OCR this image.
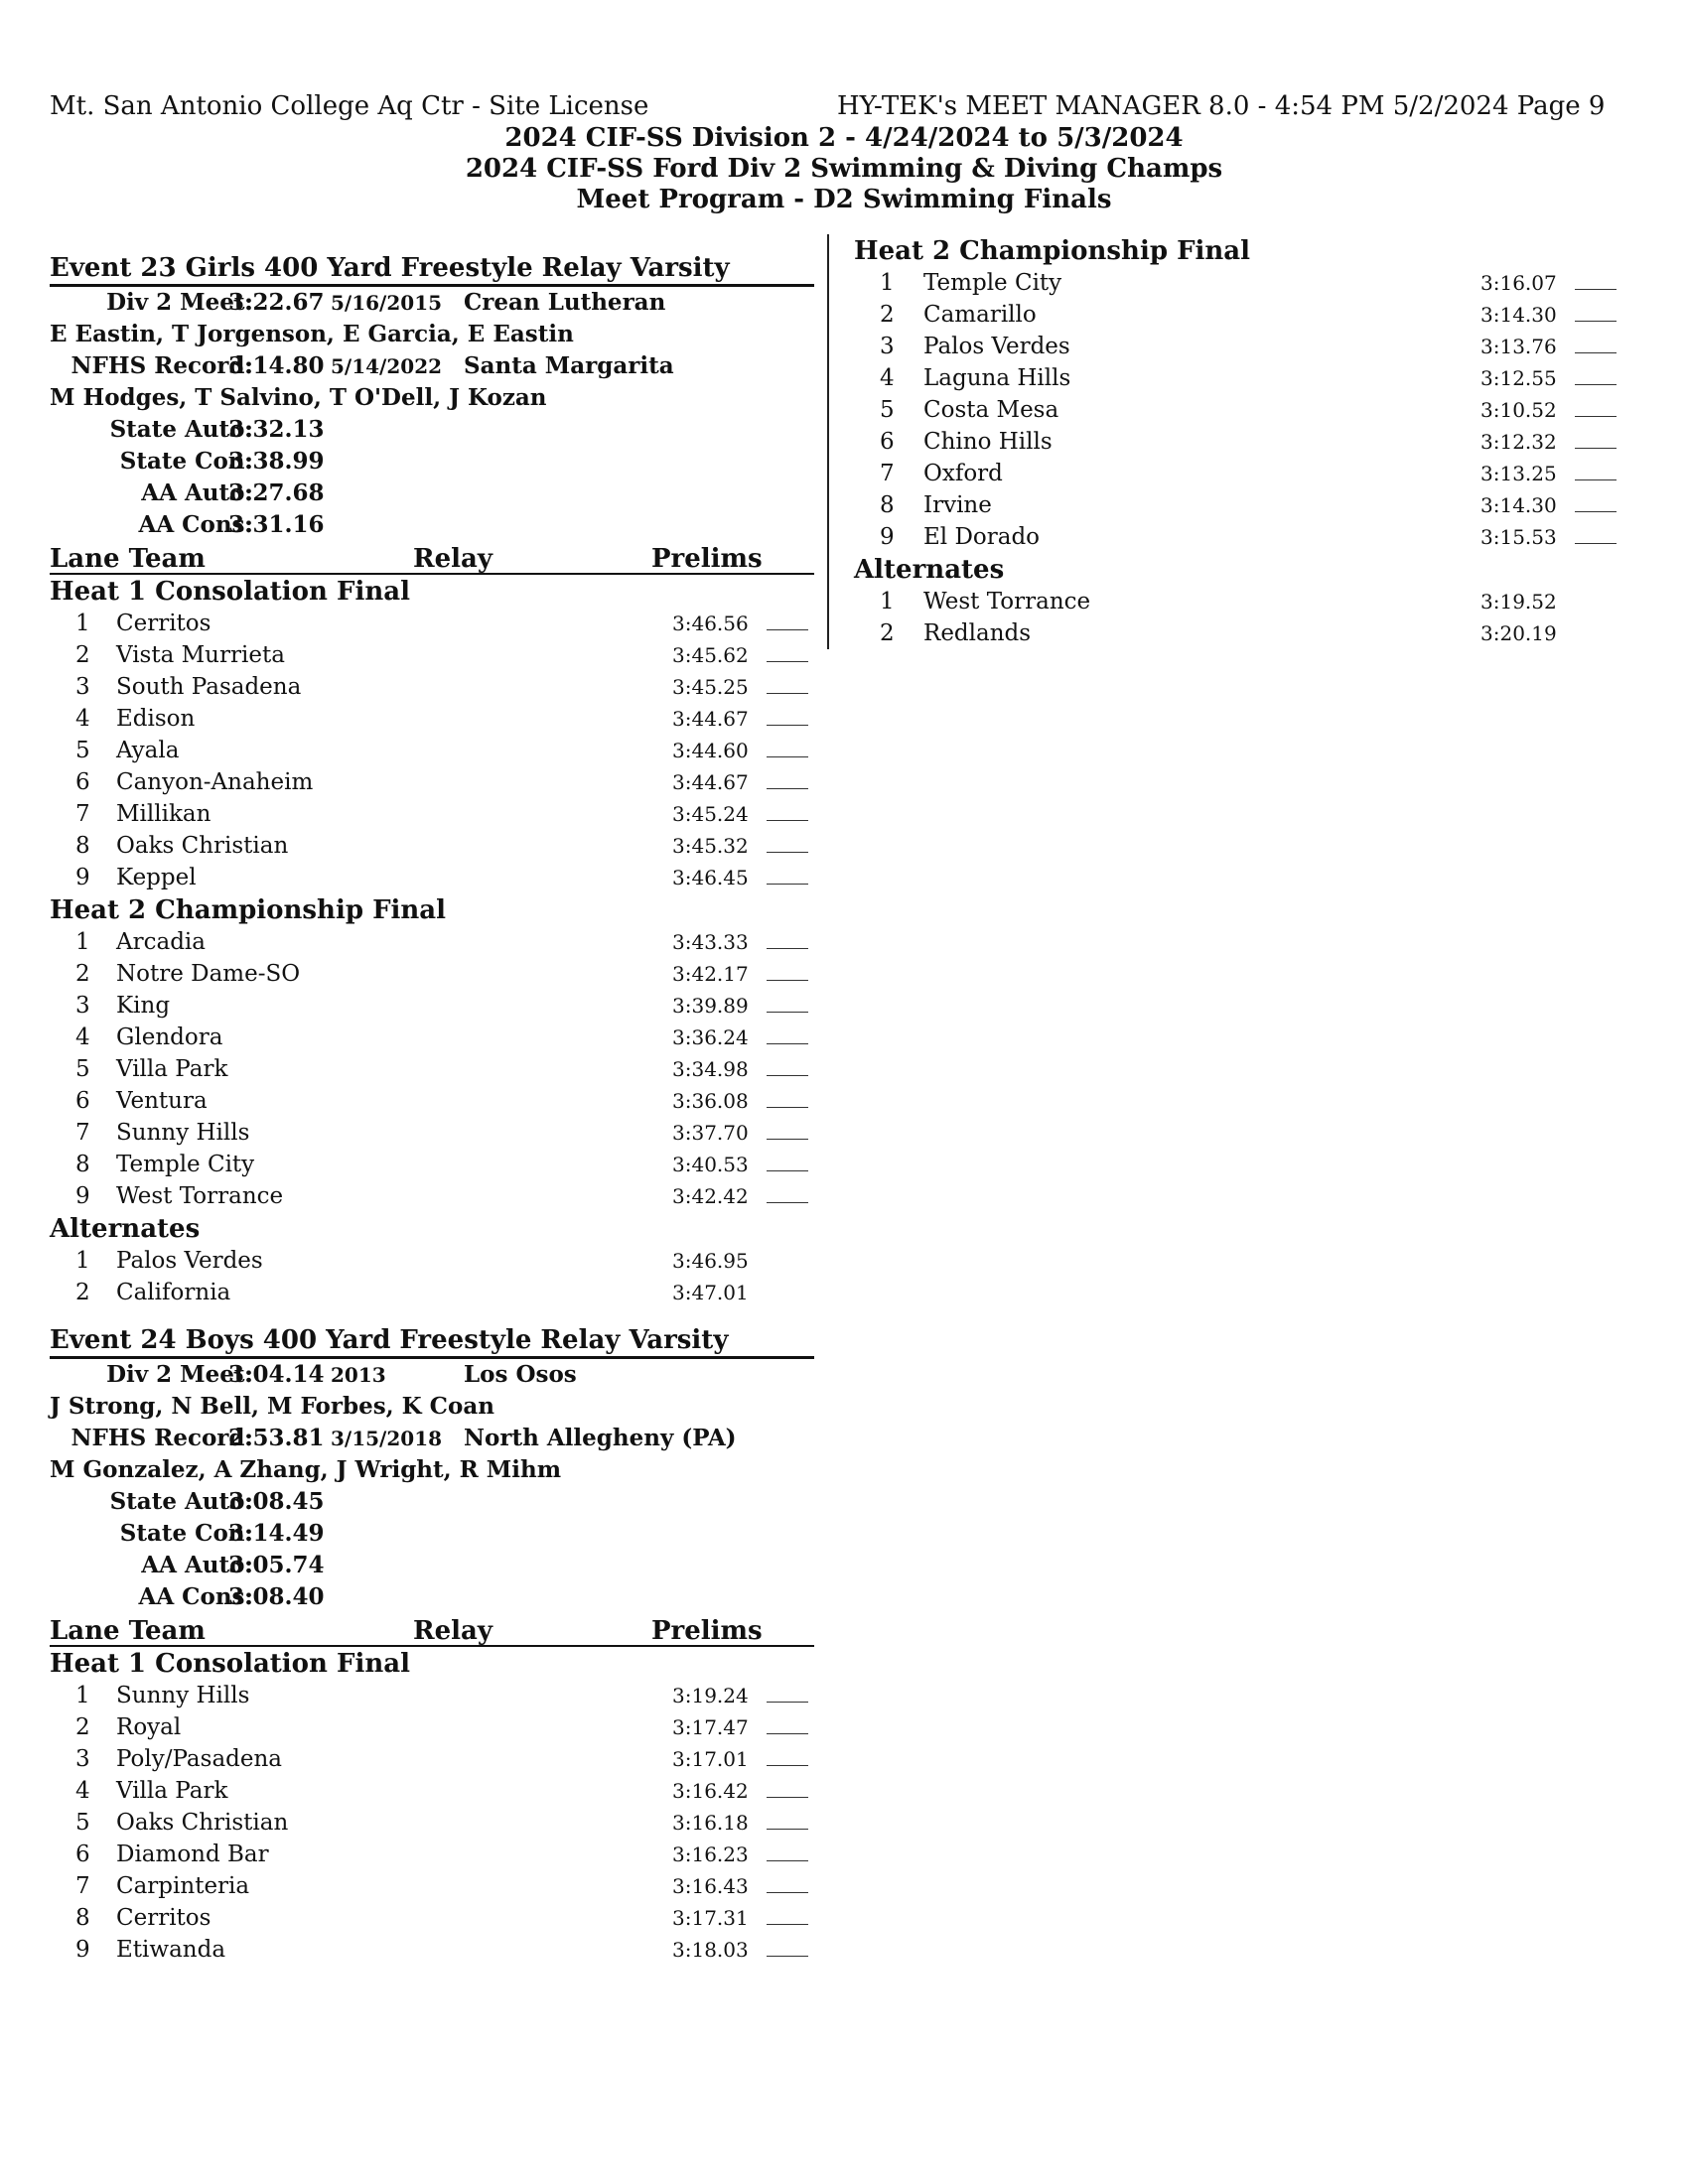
Mt. San Antonio College Aq Ctr - Site License	HY-TEK's MEET MANAGER 8.0 - 4:54 PM 5/2/2024 Page 9
2024 CIF-SS Division 2 - 4/24/2024 to 5/3/2024
2024 CIF-SS Ford Div 2 Swimming & Diving Champs
Meet Program - D2 Swimming Finals
Event 23 Girls 400 Yard Freestyle Relay Varsity
Div 2 Meet:
3:22.67 5/16/2015 Crean Lutheran
E Eastin, T Jorgenson, E Garcia, E Eastin
NFHS Record:
3:14.80 5/14/2022 Santa Margarita
M Hodges, T Salvino, T O'Dell, J Kozan
State Auto:
3:32.13
State Con:
3:38.99
AA Auto:
3:27.68
AA Cons:
3:31.16
Lane Team	Relay	Prelims
Heat 1 Consolation Final
1 Cerritos	3:46.56
2 Vista Murrieta	3:45.62
3 South Pasadena	3:45.25
4 Edison	3:44.67
5 Ayala	3:44.60
6 Canyon-Anaheim	3:44.67
7 Millikan	3:45.24
8 Oaks Christian	3:45.32
9 Keppel	3:46.45
Heat 2 Championship Final
1 Arcadia	3:43.33
2 Notre Dame-SO	3:42.17
3 King	3:39.89
4 Glendora	3:36.24
5 Villa Park	3:34.98
6 Ventura	3:36.08
7 Sunny Hills	3:37.70
8 Temple City	3:40.53
9 West Torrance	3:42.42
Alternates
1 Palos Verdes	3:46.95
2 California	3:47.01
Event 24 Boys 400 Yard Freestyle Relay Varsity
Div 2 Meet:
3:04.14 2013	Los Osos
J Strong, N Bell, M Forbes, K Coan
NFHS Record:
2:53.81 3/15/2018 North Allegheny (PA)
M Gonzalez, A Zhang, J Wright, R Mihm
State Auto:
3:08.45
State Con:
3:14.49
AA Auto:
3:05.74
AA Cons:
3:08.40
Lane Team	Relay	Prelims
Heat 1 Consolation Final
1 Sunny Hills	3:19.24
2 Royal	3:17.47
3 Poly/Pasadena	3:17.01
4 Villa Park	3:16.42
5 Oaks Christian	3:16.18
6 Diamond Bar	3:16.23
7 Carpinteria	3:16.43
8 Cerritos	3:17.31
9 Etiwanda	3:18.03
Heat 2 Championship Final
1 Temple City	3:16.07
2 Camarillo	3:14.30
3 Palos Verdes	3:13.76
4 Laguna Hills	3:12.55
5 Costa Mesa	3:10.52
6 Chino Hills	3:12.32
7 Oxford	3:13.25
8 Irvine	3:14.30
9 El Dorado	3:15.53
Alternates
1 West Torrance	3:19.52
2 Redlands	3:20.19
